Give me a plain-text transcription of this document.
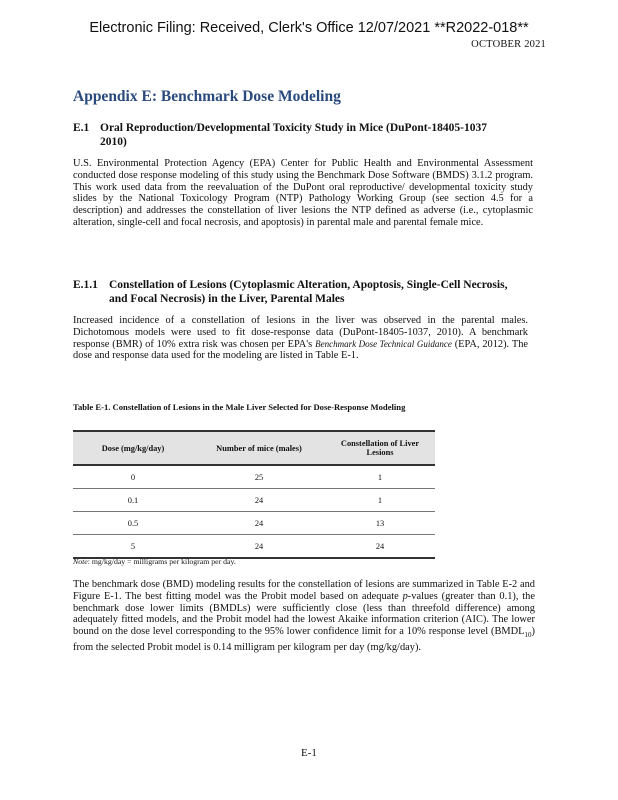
Electronic Filing: Received, Clerk's Office 12/07/2021 **R2022-018**
OCTOBER 2021
Appendix E: Benchmark Dose Modeling
E.1 Oral Reproduction/Developmental Toxicity Study in Mice (DuPont-18405-1037 2010)

U.S. Environmental Protection Agency (EPA) Center for Public Health and Environmental Assessment conducted dose response modeling of this study using the Benchmark Dose Software (BMDS) 3.1.2 program. This work used data from the reevaluation of the DuPont oral reproductive/ developmental toxicity study slides by the National Toxicology Program (NTP) Pathology Working Group (see section 4.5 for a description) and addresses the constellation of liver lesions the NTP defined as adverse (i.e., cytoplasmic alteration, single-cell and focal necrosis, and apoptosis) in parental male and parental female mice.

E.1.1 Constellation of Lesions (Cytoplasmic Alteration, Apoptosis, Single-Cell Necrosis, and Focal Necrosis) in the Liver, Parental Males

Increased incidence of a constellation of lesions in the liver was observed in the parental males. Dichotomous models were used to fit dose-response data (DuPont-18405-1037, 2010). A benchmark response (BMR) of 10% extra risk was chosen per EPA's Benchmark Dose Technical Guidance (EPA, 2012). The dose and response data used for the modeling are listed in Table E-1.

Table E-1. Constellation of Lesions in the Male Liver Selected for Dose-Response Modeling
Dose (mg/kg/day)	Number of mice (males)	Constellation of Liver Lesions
0	25	1
0.1	24	1
0.5	24	13
5	24	24
Note: mg/kg/day = milligrams per kilogram per day.

The benchmark dose (BMD) modeling results for the constellation of lesions are summarized in Table E-2 and Figure E-1. The best fitting model was the Probit model based on adequate p-values (greater than 0.1), the benchmark dose lower limits (BMDLs) were sufficiently close (less than threefold difference) among adequately fitted models, and the Probit model had the lowest Akaike information criterion (AIC). The lower bound on the dose level corresponding to the 95% lower confidence limit for a 10% response level $(BMDL_{10})$ from the selected Probit model is 0.14 milligram per kilogram per day (mg/kg/day).

E-1
